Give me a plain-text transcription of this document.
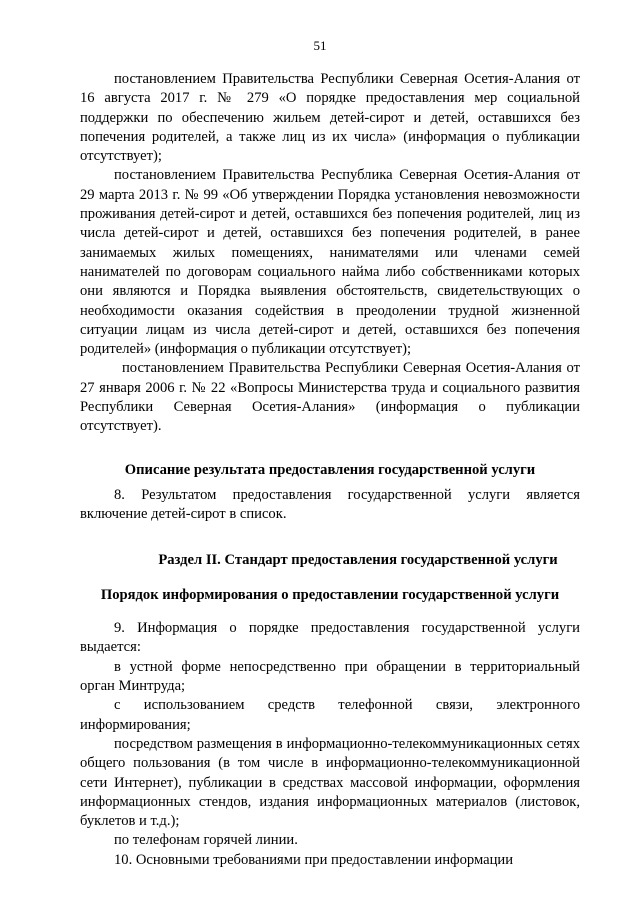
51

постановлением Правительства Республики Северная Осетия-Алания от 16 августа 2017 г. № 279 «О порядке предоставления мер социальной поддержки по обеспечению жильем детей-сирот и детей, оставшихся без попечения родителей, а также лиц из их числа» (информация о публикации отсутствует);

постановлением Правительства Республика Северная Осетия-Алания от 29 марта 2013 г. № 99 «Об утверждении Порядка установления невозможности проживания детей-сирот и детей, оставшихся без попечения родителей, лиц из числа детей-сирот и детей, оставшихся без попечения родителей, в ранее занимаемых жилых помещениях, нанимателями или членами семей нанимателей по договорам социального найма либо собственниками которых они являются и Порядка выявления обстоятельств, свидетельствующих о необходимости оказания содействия в преодолении трудной жизненной ситуации лицам из числа детей-сирот и детей, оставшихся без попечения родителей» (информация о публикации отсутствует);

постановлением Правительства Республики Северная Осетия-Алания от 27 января 2006 г. № 22 «Вопросы Министерства труда и социального развития Республики Северная Осетия-Алания» (информация о публикации отсутствует).

Описание результата предоставления государственной услуги

8. Результатом предоставления государственной услуги является включение детей-сирот в список.

Раздел II. Стандарт предоставления государственной услуги

Порядок информирования о предоставлении государственной услуги

9. Информация о порядке предоставления государственной услуги выдается:

в устной форме непосредственно при обращении в территориальный орган Минтруда;

с использованием средств телефонной связи, электронного информирования;

посредством размещения в информационно-телекоммуникационных сетях общего пользования (в том числе в информационно-телекоммуникационной сети Интернет), публикации в средствах массовой информации, оформления информационных стендов, издания информационных материалов (листовок, буклетов и т.д.);

по телефонам горячей линии.

10. Основными требованиями при предоставлении информации
